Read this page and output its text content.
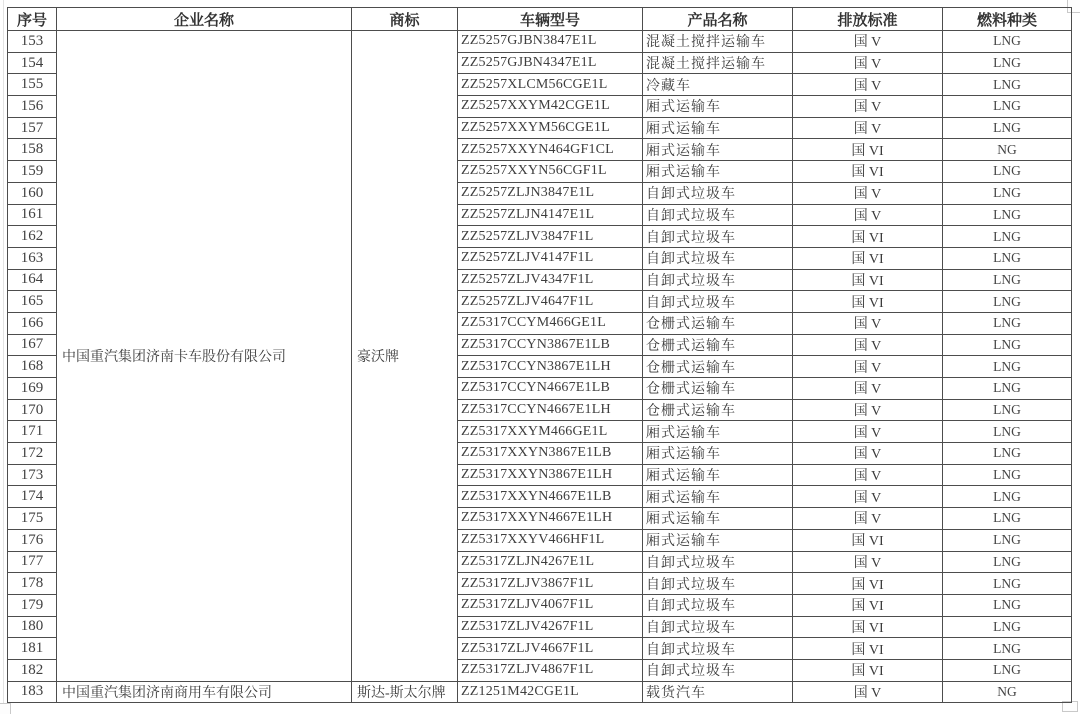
序号	企业名称	商标	车辆型号	产品名称	排放标准	燃料种类
153	中国重汽集团济南卡车股份有限公司	豪沃牌	ZZ5257GJBN3847E1L	混凝土搅拌运输车	国 V	LNG
154			ZZ5257GJBN4347E1L	混凝土搅拌运输车	国 V	LNG
155			ZZ5257XLCM56CGE1L	冷藏车	国 V	LNG
156			ZZ5257XXYM42CGE1L	厢式运输车	国 V	LNG
157			ZZ5257XXYM56CGE1L	厢式运输车	国 V	LNG
158			ZZ5257XXYN464GF1CL	厢式运输车	国 VI	NG
159			ZZ5257XXYN56CGF1L	厢式运输车	国 VI	LNG
160			ZZ5257ZLJN3847E1L	自卸式垃圾车	国 V	LNG
161			ZZ5257ZLJN4147E1L	自卸式垃圾车	国 V	LNG
162			ZZ5257ZLJV3847F1L	自卸式垃圾车	国 VI	LNG
163			ZZ5257ZLJV4147F1L	自卸式垃圾车	国 VI	LNG
164			ZZ5257ZLJV4347F1L	自卸式垃圾车	国 VI	LNG
165			ZZ5257ZLJV4647F1L	自卸式垃圾车	国 VI	LNG
166			ZZ5317CCYM466GE1L	仓栅式运输车	国 V	LNG
167			ZZ5317CCYN3867E1LB	仓栅式运输车	国 V	LNG
168			ZZ5317CCYN3867E1LH	仓栅式运输车	国 V	LNG
169			ZZ5317CCYN4667E1LB	仓栅式运输车	国 V	LNG
170			ZZ5317CCYN4667E1LH	仓栅式运输车	国 V	LNG
171			ZZ5317XXYM466GE1L	厢式运输车	国 V	LNG
172			ZZ5317XXYN3867E1LB	厢式运输车	国 V	LNG
173			ZZ5317XXYN3867E1LH	厢式运输车	国 V	LNG
174			ZZ5317XXYN4667E1LB	厢式运输车	国 V	LNG
175			ZZ5317XXYN4667E1LH	厢式运输车	国 V	LNG
176			ZZ5317XXYV466HF1L	厢式运输车	国 VI	LNG
177			ZZ5317ZLJN4267E1L	自卸式垃圾车	国 V	LNG
178			ZZ5317ZLJV3867F1L	自卸式垃圾车	国 VI	LNG
179			ZZ5317ZLJV4067F1L	自卸式垃圾车	国 VI	LNG
180			ZZ5317ZLJV4267F1L	自卸式垃圾车	国 VI	LNG
181			ZZ5317ZLJV4667F1L	自卸式垃圾车	国 VI	LNG
182			ZZ5317ZLJV4867F1L	自卸式垃圾车	国 VI	LNG
183	中国重汽集团济南商用车有限公司	斯达-斯太尔牌	ZZ1251M42CGE1L	载货汽车	国 V	NG
